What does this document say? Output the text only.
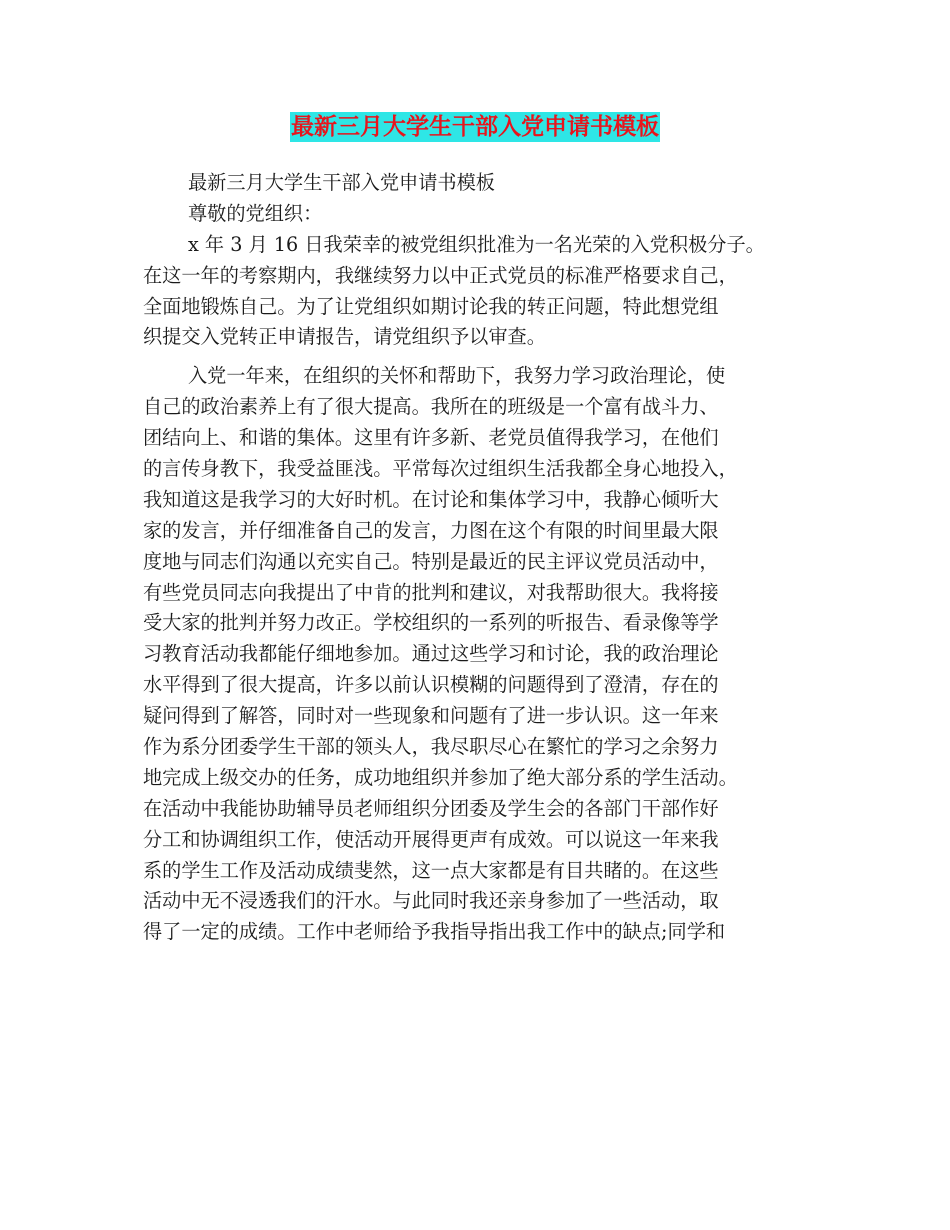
最新三月大学生干部入党申请书模板
最新三月大学生干部入党申请书模板
尊敬的党组织：
x 年 3 月 16 日我荣幸的被党组织批准为一名光荣的入党积极分子。
在这一年的考察期内，我继续努力以中正式党员的标准严格要求自己，
全面地锻炼自己。为了让党组织如期讨论我的转正问题，特此想党组
织提交入党转正申请报告，请党组织予以审查。
入党一年来，在组织的关怀和帮助下，我努力学习政治理论，使
自己的政治素养上有了很大提高。我所在的班级是一个富有战斗力、
团结向上、和谐的集体。这里有许多新、老党员值得我学习，在他们
的言传身教下，我受益匪浅。平常每次过组织生活我都全身心地投入，
我知道这是我学习的大好时机。在讨论和集体学习中，我静心倾听大
家的发言，并仔细准备自己的发言，力图在这个有限的时间里最大限
度地与同志们沟通以充实自己。特别是最近的民主评议党员活动中，
有些党员同志向我提出了中肯的批判和建议，对我帮助很大。我将接
受大家的批判并努力改正。学校组织的一系列的听报告、看录像等学
习教育活动我都能仔细地参加。通过这些学习和讨论，我的政治理论
水平得到了很大提高，许多以前认识模糊的问题得到了澄清，存在的
疑问得到了解答，同时对一些现象和问题有了进一步认识。这一年来
作为系分团委学生干部的领头人，我尽职尽心在繁忙的学习之余努力
地完成上级交办的任务，成功地组织并参加了绝大部分系的学生活动。
在活动中我能协助辅导员老师组织分团委及学生会的各部门干部作好
分工和协调组织工作，使活动开展得更声有成效。可以说这一年来我
系的学生工作及活动成绩斐然，这一点大家都是有目共睹的。在这些
活动中无不浸透我们的汗水。与此同时我还亲身参加了一些活动，取
得了一定的成绩。工作中老师给予我指导指出我工作中的缺点;同学和
